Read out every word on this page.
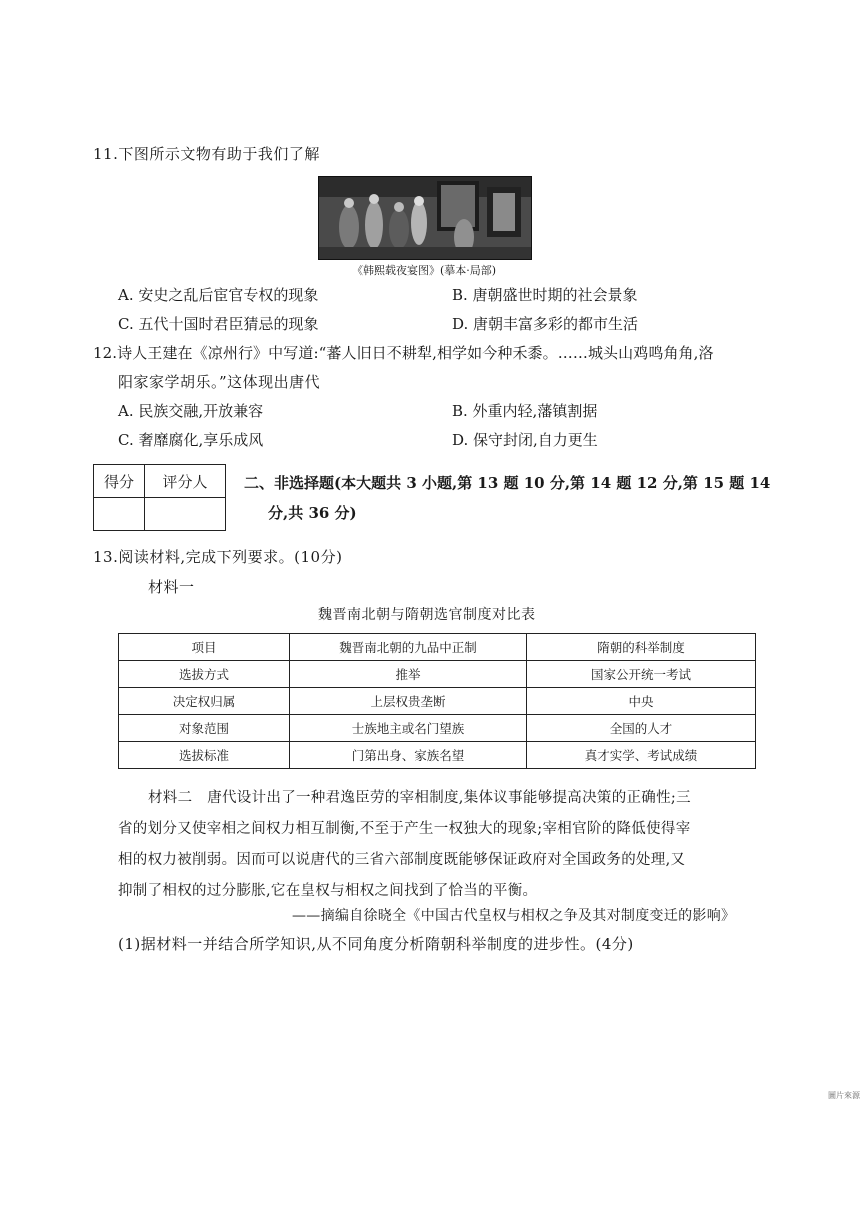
11.下图所示文物有助于我们了解
《韩熙载夜宴图》(摹本·局部)
A. 安史之乱后宦官专权的现象	B. 唐朝盛世时期的社会景象
C. 五代十国时君臣猜忌的现象	D. 唐朝丰富多彩的都市生活
12.诗人王建在《凉州行》中写道:“蕃人旧日不耕犁,相学如今种禾黍。……城头山鸡鸣角角,洛
阳家家学胡乐。”这体现出唐代
A. 民族交融,开放兼容	B. 外重内轻,藩镇割据
C. 奢靡腐化,享乐成风	D. 保守封闭,自力更生
得分	评分人
	二、非选择题(本大题共 3 小题,第 13 题 10 分,第 14 题 12 分,第 15 题 14
分,共 36 分)
13.阅读材料,完成下列要求。(10分)
材料一
魏晋南北朝与隋朝选官制度对比表
项目	魏晋南北朝的九品中正制	隋朝的科举制度
选拔方式	推举	国家公开统一考试
决定权归属	上层权贵垄断	中央
对象范围	士族地主或名门望族	全国的人才
选拔标准	门第出身、家族名望	真才实学、考试成绩
材料二　唐代设计出了一种君逸臣劳的宰相制度,集体议事能够提高决策的正确性;三
省的划分又使宰相之间权力相互制衡,不至于产生一权独大的现象;宰相官阶的降低使得宰
相的权力被削弱。因而可以说唐代的三省六部制度既能够保证政府对全国政务的处理,又
抑制了相权的过分膨胀,它在皇权与相权之间找到了恰当的平衡。
——摘编自徐晓全《中国古代皇权与相权之争及其对制度变迁的影响》
(1)据材料一并结合所学知识,从不同角度分析隋朝科举制度的进步性。(4分)
圖片來源
